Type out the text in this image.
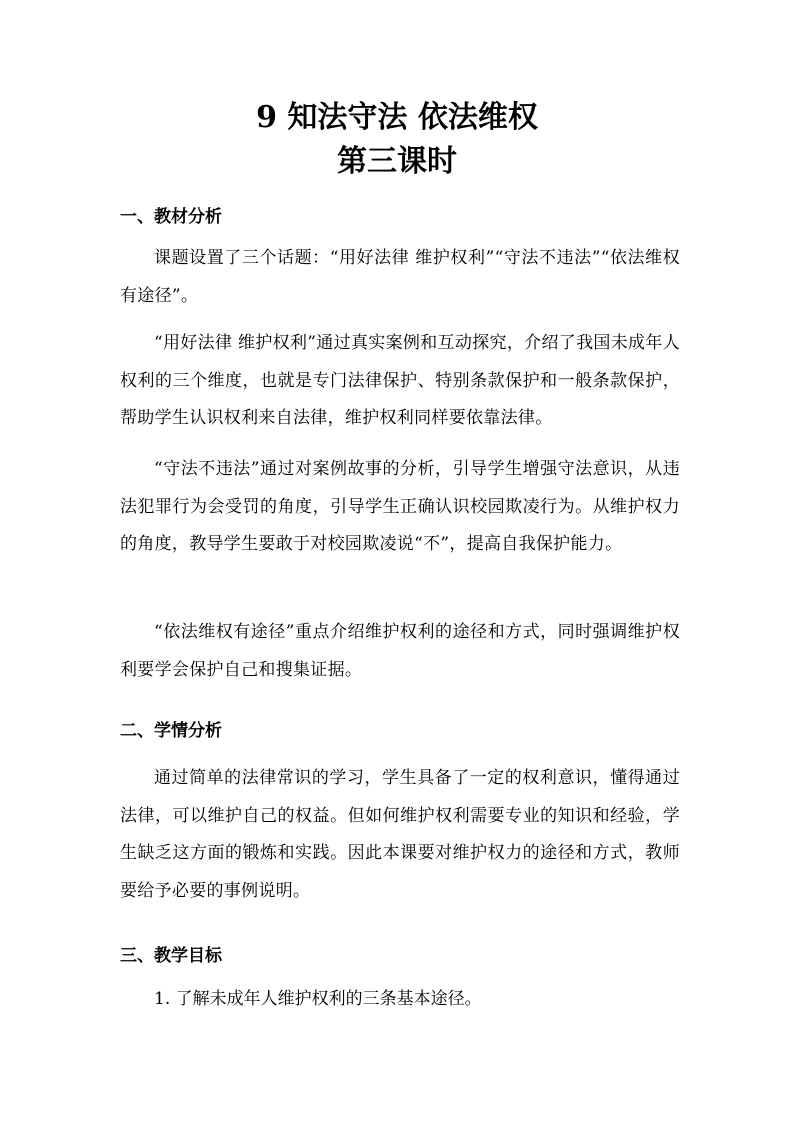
9 知法守法 依法维权
第三课时
一、教材分析

课题设置了三个话题：“用好法律 维护权利”“守法不违法”“依法维权有途径”。

“用好法律 维护权利”通过真实案例和互动探究，介绍了我国未成年人权利的三个维度，也就是专门法律保护、特别条款保护和一般条款保护，帮助学生认识权利来自法律，维护权利同样要依靠法律。

“守法不违法”通过对案例故事的分析，引导学生增强守法意识，从违法犯罪行为会受罚的角度，引导学生正确认识校园欺凌行为。从维护权力的角度，教导学生要敢于对校园欺凌说“不”，提高自我保护能力。

“依法维权有途径”重点介绍维护权利的途径和方式，同时强调维护权利要学会保护自己和搜集证据。

二、学情分析

通过简单的法律常识的学习，学生具备了一定的权利意识，懂得通过法律，可以维护自己的权益。但如何维护权利需要专业的知识和经验，学生缺乏这方面的锻炼和实践。因此本课要对维护权力的途径和方式，教师要给予必要的事例说明。

三、教学目标

1. 了解未成年人维护权利的三条基本途径。
